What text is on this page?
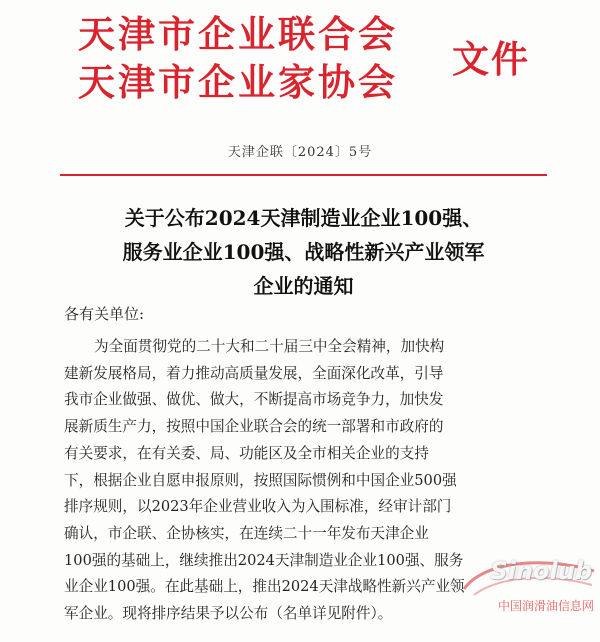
天津市企业联合会
天津市企业家协会
文件
天津企联〔2024〕5号
关于公布2024天津制造业企业100强、
服务业企业100强、战略性新兴产业领军
企业的通知
各有关单位:
为全面贯彻党的二十大和二十届三中全会精神，加快构
建新发展格局，着力推动高质量发展，全面深化改革，引导
我市企业做强、做优、做大，不断提高市场竞争力，加快发
展新质生产力，按照中国企业联合会的统一部署和市政府的
有关要求，在有关委、局、功能区及全市相关企业的支持
下，根据企业自愿申报原则，按照国际惯例和中国企业500强
排序规则，以2023年企业营业收入为入围标准，经审计部门
确认，市企联、企协核实，在连续二十一年发布天津企业
100强的基础上，继续推出2024天津制造业企业100强、服务
业企业100强。在此基础上，推出2024天津战略性新兴产业领
军企业。现将排序结果予以公布（名单详见附件）。
Sinolub
中国润滑油信息网
